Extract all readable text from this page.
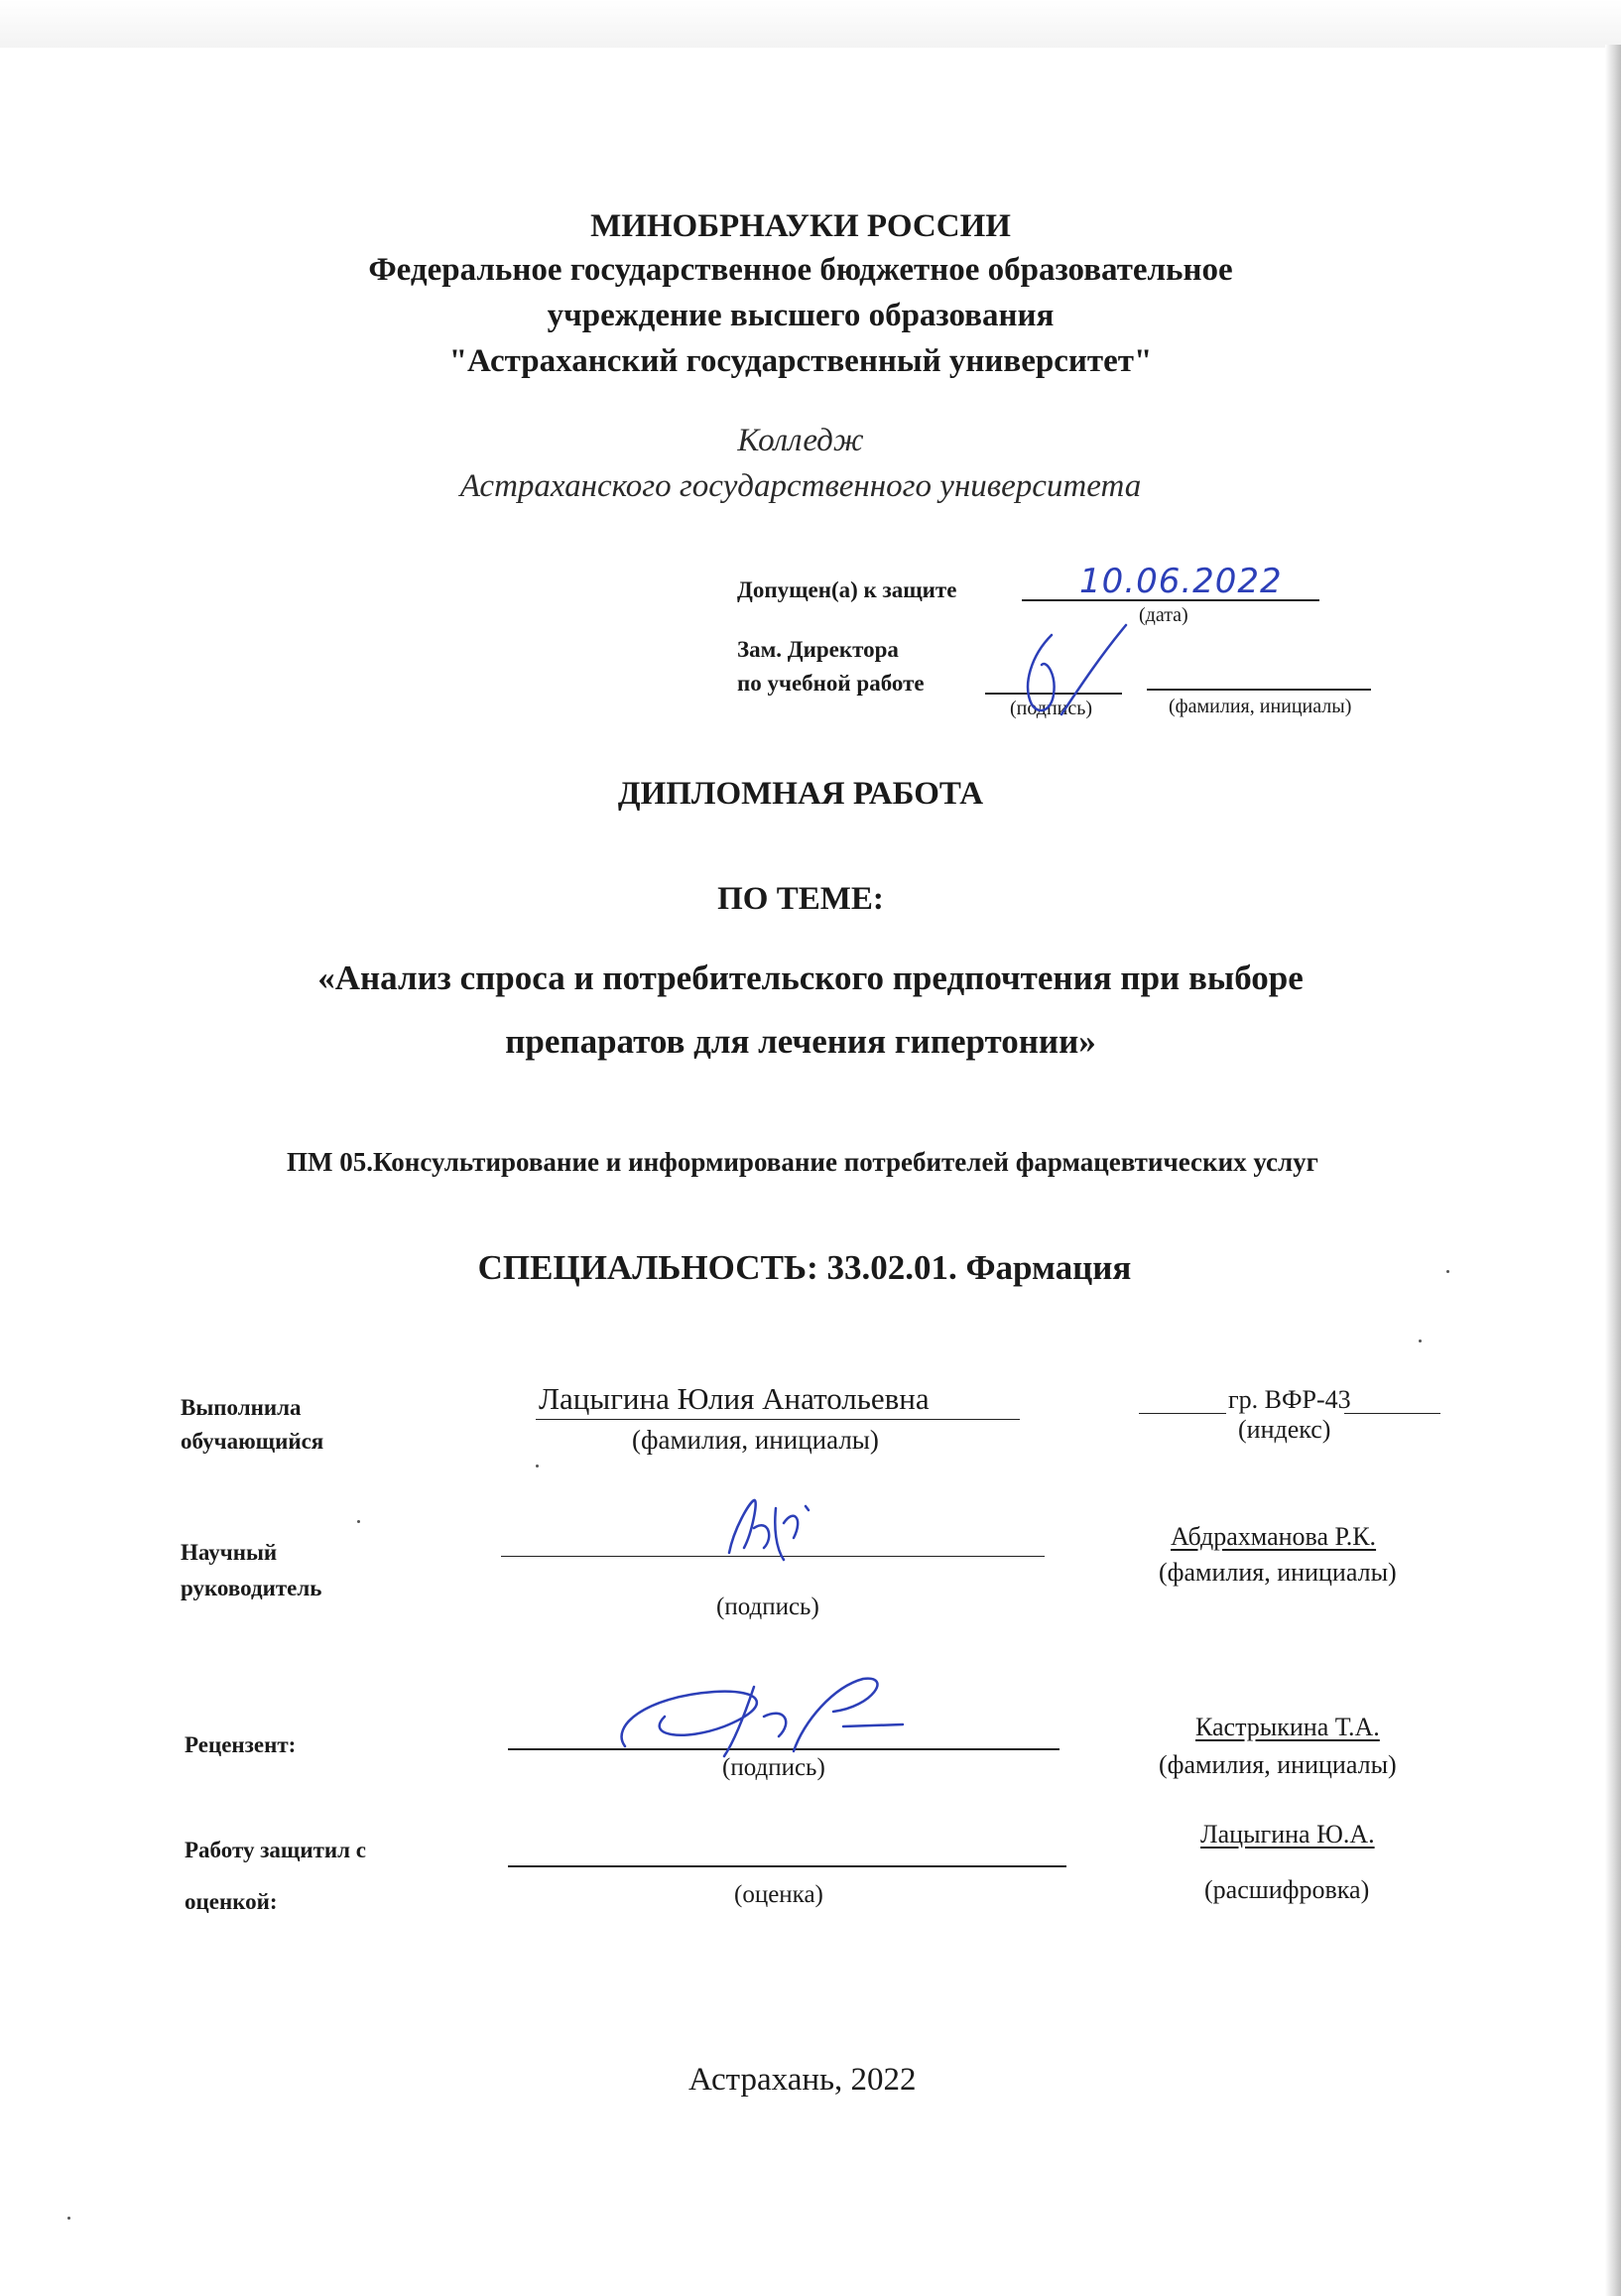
МИНОБРНАУКИ РОССИИ
Федеральное государственное бюджетное образовательное
учреждение высшего образования
"Астраханский государственный университет"
Колледж
Астраханского государственного университета
Допущен(а) к защите	10.06.2022
(дата)
Зам. Директора
по учебной работе
(подпись)	(фамилия, инициалы)
ДИПЛОМНАЯ РАБОТА
ПО ТЕМЕ:
«Анализ спроса и потребительского предпочтения при выборе
препаратов для лечения гипертонии»
ПМ 05.Консультирование и информирование потребителей фармацевтических услуг
СПЕЦИАЛЬНОСТЬ: 33.02.01. Фармация
Выполнила
обучающийся
Лацыгина Юлия Анатольевна
(фамилия, инициалы)
гр. ВФР-43
(индекс)
Научный
руководитель
(подпись)
Абдрахманова Р.К.
(фамилия, инициалы)
Рецензент:
(подпись)
Кастрыкина Т.А.
(фамилия, инициалы)
Работу защитил с
оценкой:	(оценка)
Лацыгина Ю.А.
(расшифровка)
Астрахань, 2022
